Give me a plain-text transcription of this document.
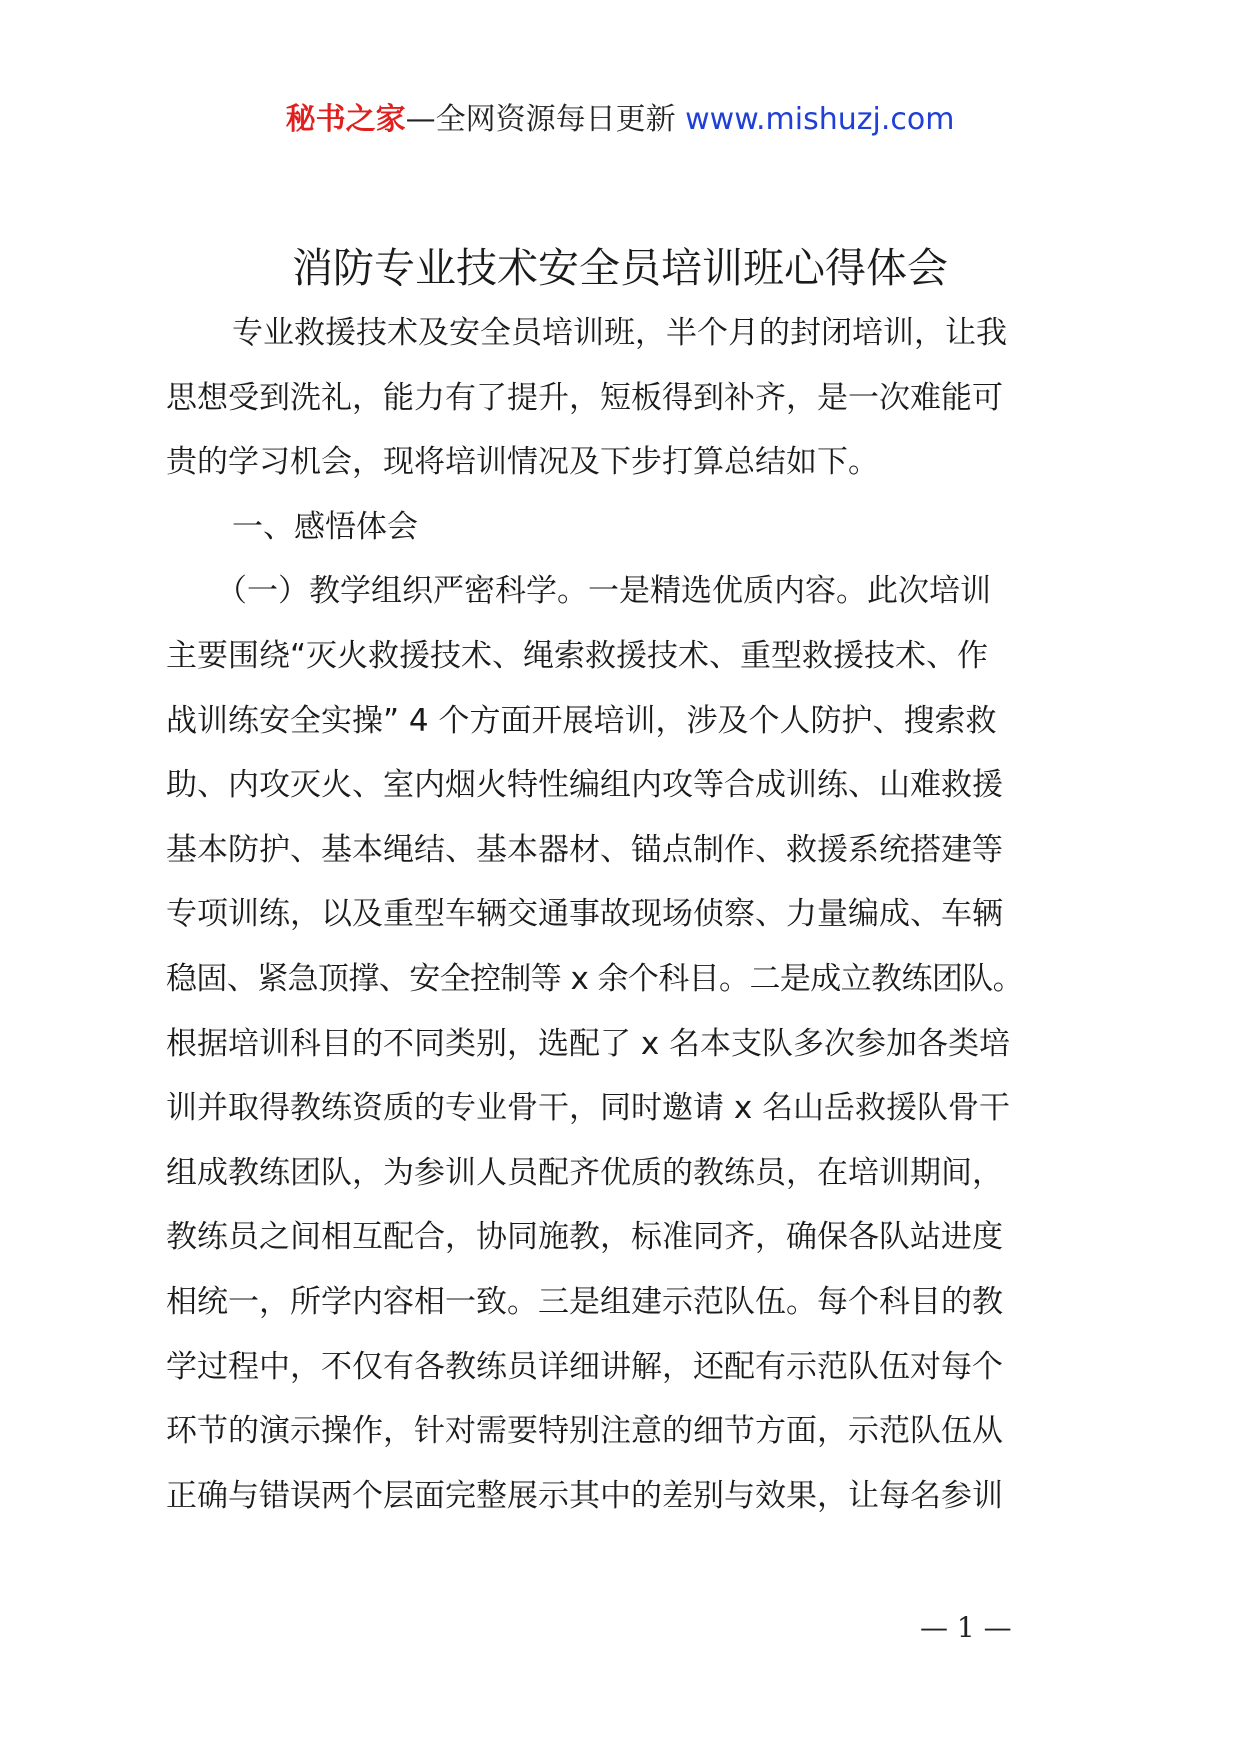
秘书之家—全网资源每日更新 www.mishuzj.com
消防专业技术安全员培训班心得体会
专业救援技术及安全员培训班，半个月的封闭培训，让我
思想受到洗礼，能力有了提升，短板得到补齐，是一次难能可
贵的学习机会，现将培训情况及下步打算总结如下。
一、感悟体会
（一）教学组织严密科学。一是精选优质内容。此次培训
主要围绕“灭火救援技术、绳索救援技术、重型救援技术、作
战训练安全实操” 4 个方面开展培训，涉及个人防护、搜索救
助、内攻灭火、室内烟火特性编组内攻等合成训练、山难救援
基本防护、基本绳结、基本器材、锚点制作、救援系统搭建等
专项训练，以及重型车辆交通事故现场侦察、力量编成、车辆
稳固、紧急顶撑、安全控制等 x 余个科目。二是成立教练团队。
根据培训科目的不同类别，选配了 x 名本支队多次参加各类培
训并取得教练资质的专业骨干，同时邀请 x 名山岳救援队骨干
组成教练团队，为参训人员配齐优质的教练员，在培训期间，
教练员之间相互配合，协同施教，标准同齐，确保各队站进度
相统一，所学内容相一致。三是组建示范队伍。每个科目的教
学过程中，不仅有各教练员详细讲解，还配有示范队伍对每个
环节的演示操作，针对需要特别注意的细节方面，示范队伍从
正确与错误两个层面完整展示其中的差别与效果，让每名参训
— 1 —
